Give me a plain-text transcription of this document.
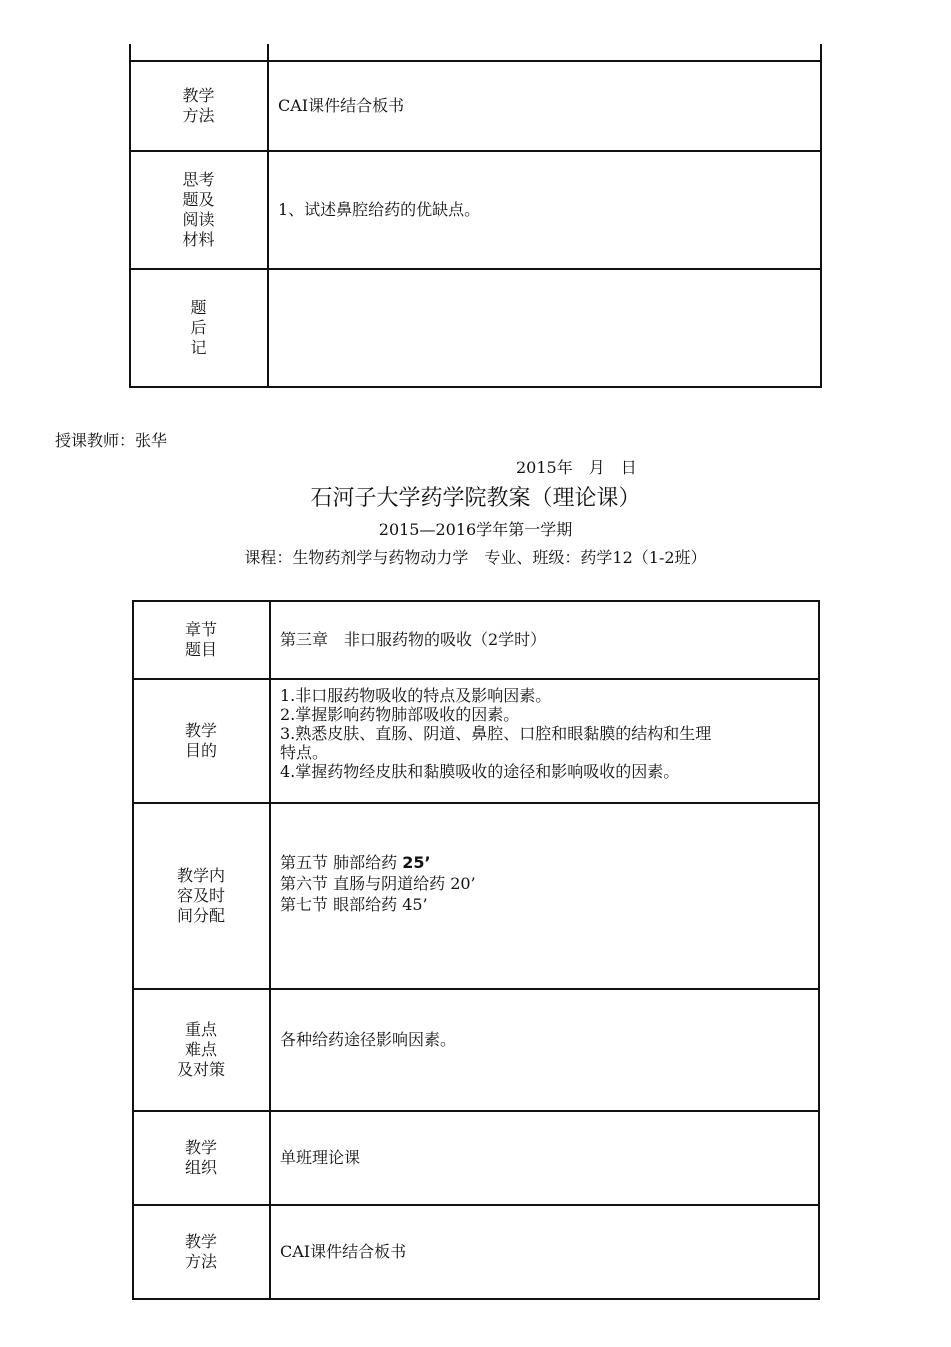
教学
方法
CAI课件结合板书
思考
题及
阅读
材料
1、试述鼻腔给药的优缺点。
题
后
记
授课教师：张华
2015年　月　日
石河子大学药学院教案（理论课）
2015—2016学年第一学期
课程：生物药剂学与药物动力学　专业、班级：药学12（1-2班）
章节
题目
第三章　非口服药物的吸收（2学时）
教学
目的
1.非口服药物吸收的特点及影响因素。
2.掌握影响药物肺部吸收的因素。
3.熟悉皮肤、直肠、阴道、鼻腔、口腔和眼黏膜的结构和生理
特点。
4.掌握药物经皮肤和黏膜吸收的途径和影响吸收的因素。
教学内
容及时
间分配
第五节 肺部给药 25’
第六节 直肠与阴道给药 20’
第七节 眼部给药 45’
重点
难点
及对策
各种给药途径影响因素。
教学
组织
单班理论课
教学
方法
CAI课件结合板书
